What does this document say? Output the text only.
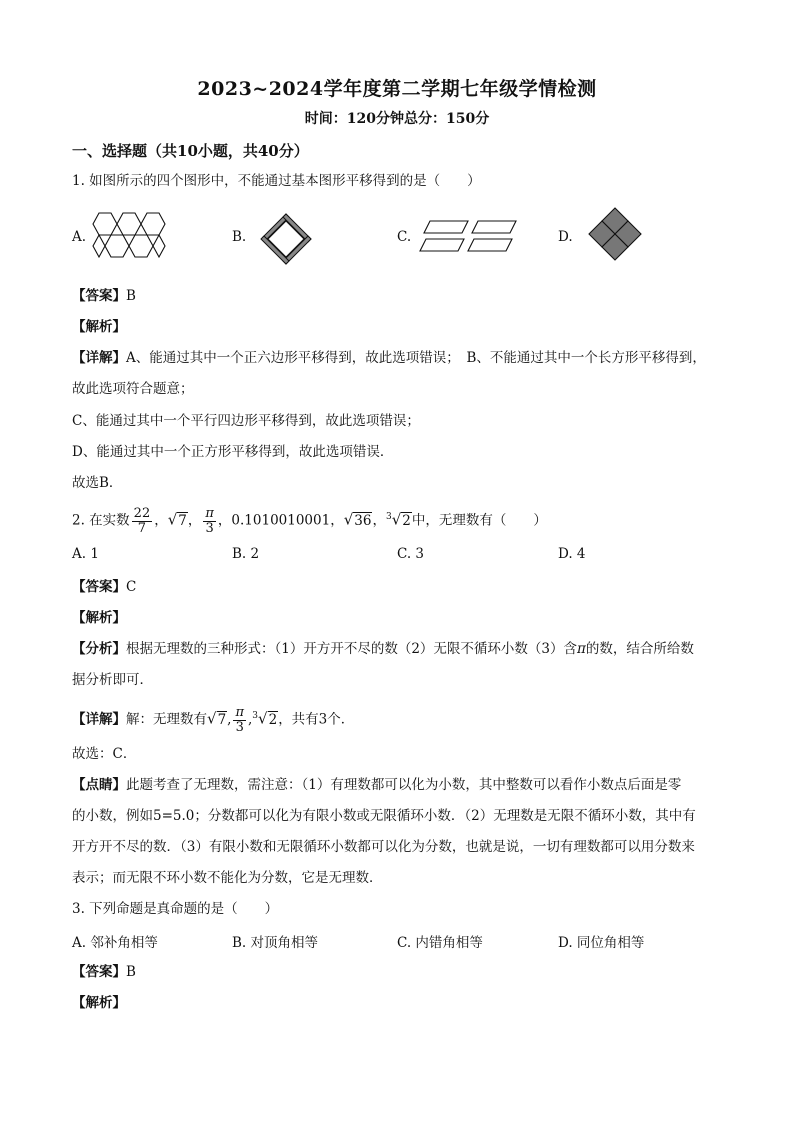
2023~2024学年度第二学期七年级学情检测
时间：120分钟总分：150分
一、选择题（共10小题，共40分）
1. 如图所示的四个图形中，不能通过基本图形平移得到的是（　　）
A.	B.	C.	D.
【答案】B
【解析】
【详解】A、能通过其中一个正六边形平移得到，故此选项错误；　B、不能通过其中一个长方形平移得到，
故此选项符合题意；
C、能通过其中一个平行四边形平移得到，故此选项错误；
D、能通过其中一个正方形平移得到，故此选项错误．
故选B．
2. 在实数 $\frac{22}{7}$ ，√7， $\frac{\pi}{3}$ ，0.1010010001，√36，$^3$√2中，无理数有（　　）
A. 1	B. 2	C. 3	D. 4
【答案】C
【解析】
【分析】根据无理数的三种形式：（1）开方开不尽的数（2）无限不循环小数（3）含π的数，结合所给数
据分析即可．
【详解】解：无理数有√7, $\frac{\pi}{3} ,^3√2$，共有3个．
故选：C．
【点睛】此题考查了无理数，需注意：（1）有理数都可以化为小数，其中整数可以看作小数点后面是零
的小数，例如5=5.0；分数都可以化为有限小数或无限循环小数．（2）无理数是无限不循环小数，其中有
开方开不尽的数．（3）有限小数和无限循环小数都可以化为分数，也就是说，一切有理数都可以用分数来
表示；而无限不环小数不能化为分数，它是无理数．
3. 下列命题是真命题的是（　　）
A. 邻补角相等	B. 对顶角相等	C. 内错角相等	D. 同位角相等
【答案】B
【解析】
